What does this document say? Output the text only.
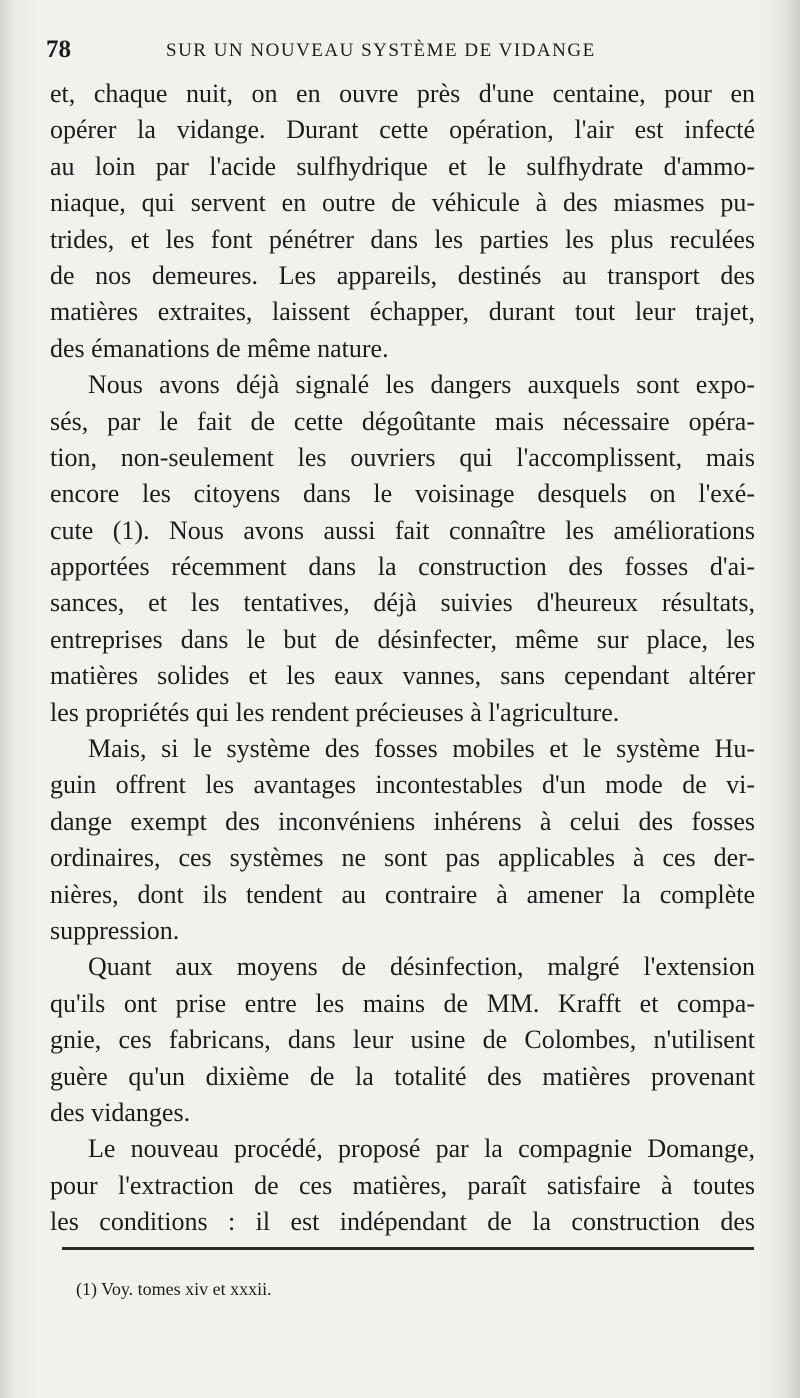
78	SUR UN NOUVEAU SYSTÈME DE VIDANGE
et, chaque nuit, on en ouvre près d'une centaine, pour en
opérer la vidange. Durant cette opération, l'air est infecté
au loin par l'acide sulfhydrique et le sulfhydrate d'ammo-
niaque, qui servent en outre de véhicule à des miasmes pu-
trides, et les font pénétrer dans les parties les plus reculées
de nos demeures. Les appareils, destinés au transport des
matières extraites, laissent échapper, durant tout leur trajet,
des émanations de même nature.
Nous avons déjà signalé les dangers auxquels sont expo-
sés, par le fait de cette dégoûtante mais nécessaire opéra-
tion, non-seulement les ouvriers qui l'accomplissent, mais
encore les citoyens dans le voisinage desquels on l'exé-
cute (1). Nous avons aussi fait connaître les améliorations
apportées récemment dans la construction des fosses d'ai-
sances, et les tentatives, déjà suivies d'heureux résultats,
entreprises dans le but de désinfecter, même sur place, les
matières solides et les eaux vannes, sans cependant altérer
les propriétés qui les rendent précieuses à l'agriculture.
Mais, si le système des fosses mobiles et le système Hu-
guin offrent les avantages incontestables d'un mode de vi-
dange exempt des inconvéniens inhérens à celui des fosses
ordinaires, ces systèmes ne sont pas applicables à ces der-
nières, dont ils tendent au contraire à amener la complète
suppression.
Quant aux moyens de désinfection, malgré l'extension
qu'ils ont prise entre les mains de MM. Krafft et compa-
gnie, ces fabricans, dans leur usine de Colombes, n'utilisent
guère qu'un dixième de la totalité des matières provenant
des vidanges.
Le nouveau procédé, proposé par la compagnie Domange,
pour l'extraction de ces matières, paraît satisfaire à toutes
les conditions : il est indépendant de la construction des
(1) Voy. tomes xiv et xxxii.
